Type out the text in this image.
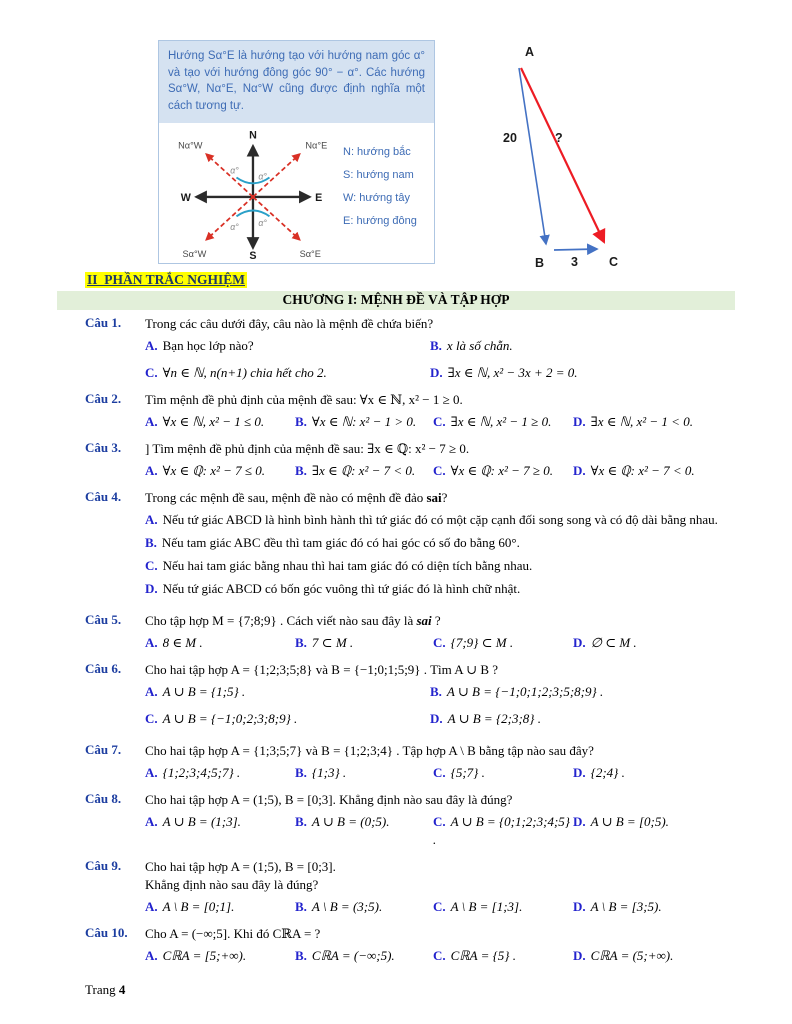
Hướng Sα°E là hướng tạo với hướng nam góc α° và tạo với hướng đông góc 90° − α°. Các hướng Sα°W, Nα°E, Nα°W cũng được định nghĩa một cách tương tự.
α°
α°
α° α°
N
S
W	E
Nα°W	Nα°E
Sα°W	Sα°E
N: hướng bắc
S: hướng nam
W: hướng tây
E: hướng đông
A
B	C
20	?
3
II_PHẦN TRẮC NGHIỆM
CHƯƠNG I: MỆNH ĐỀ VÀ TẬP HỢP
Câu 1.	Trong các câu dưới đây, câu nào là mệnh đề chứa biến?
A. Bạn học lớp nào?	B. x là số chẵn.
C. ∀n ∈ ℕ, n(n+1) chia hết cho 2.	D. ∃x ∈ ℕ, x² − 3x + 2 = 0.
Câu 2.	Tìm mệnh đề phủ định của mệnh đề sau: ∀x ∈ ℕ, x² − 1 ≥ 0.
A. ∀x ∈ ℕ, x² − 1 ≤ 0.	B. ∀x ∈ ℕ: x² − 1 > 0.	C. ∃x ∈ ℕ, x² − 1 ≥ 0.	D. ∃x ∈ ℕ, x² − 1 < 0.
Câu 3.	] Tìm mệnh đề phủ định của mệnh đề sau: ∃x ∈ ℚ: x² − 7 ≥ 0.
A. ∀x ∈ ℚ: x² − 7 ≤ 0.	B. ∃x ∈ ℚ: x² − 7 < 0.	C. ∀x ∈ ℚ: x² − 7 ≥ 0.	D. ∀x ∈ ℚ: x² − 7 < 0.
Câu 4.	Trong các mệnh đề sau, mệnh đề nào có mệnh đề đảo sai?
A. Nếu tứ giác ABCD là hình bình hành thì tứ giác đó có một cặp cạnh đối song song và có độ dài bằng nhau.
B. Nếu tam giác ABC đều thì tam giác đó có hai góc có số đo bằng 60°.
C. Nếu hai tam giác bằng nhau thì hai tam giác đó có diện tích bằng nhau.
D. Nếu tứ giác ABCD có bốn góc vuông thì tứ giác đó là hình chữ nhật.
Câu 5.	Cho tập hợp M = {7;8;9} . Cách viết nào sau đây là sai ?
A. 8 ∈ M .	B. 7 ⊂ M .	C. {7;9} ⊂ M .	D. ∅ ⊂ M .
Câu 6.	Cho hai tập hợp A = {1;2;3;5;8} và B = {−1;0;1;5;9} . Tìm A ∪ B ?
A. A ∪ B = {1;5} .	B. A ∪ B = {−1;0;1;2;3;5;8;9} .
C. A ∪ B = {−1;0;2;3;8;9} .	D. A ∪ B = {2;3;8} .
Câu 7.	Cho hai tập hợp A = {1;3;5;7} và B = {1;2;3;4} . Tập hợp A \ B bằng tập nào sau đây?
A. {1;2;3;4;5;7} .	B. {1;3} .	C. {5;7} .	D. {2;4} .
Câu 8.	Cho hai tập hợp A = (1;5), B = [0;3]. Khẳng định nào sau đây là đúng?
A. A ∪ B = (1;3].	B. A ∪ B = (0;5).	C. A ∪ B = {0;1;2;3;4;5} .
D. A ∪ B = [0;5).
Câu 9.	Cho hai tập hợp A = (1;5), B = [0;3].
Khẳng định nào sau đây là đúng?
A. A \ B = [0;1].	B. A \ B = (3;5).	C. A \ B = [1;3].	D. A \ B = [3;5).
Câu 10.	Cho A = (−∞;5]. Khi đó CℝA = ?
A. CℝA = [5;+∞).	B. CℝA = (−∞;5).	C. CℝA = {5} .	D. CℝA = (5;+∞).
Trang 4
